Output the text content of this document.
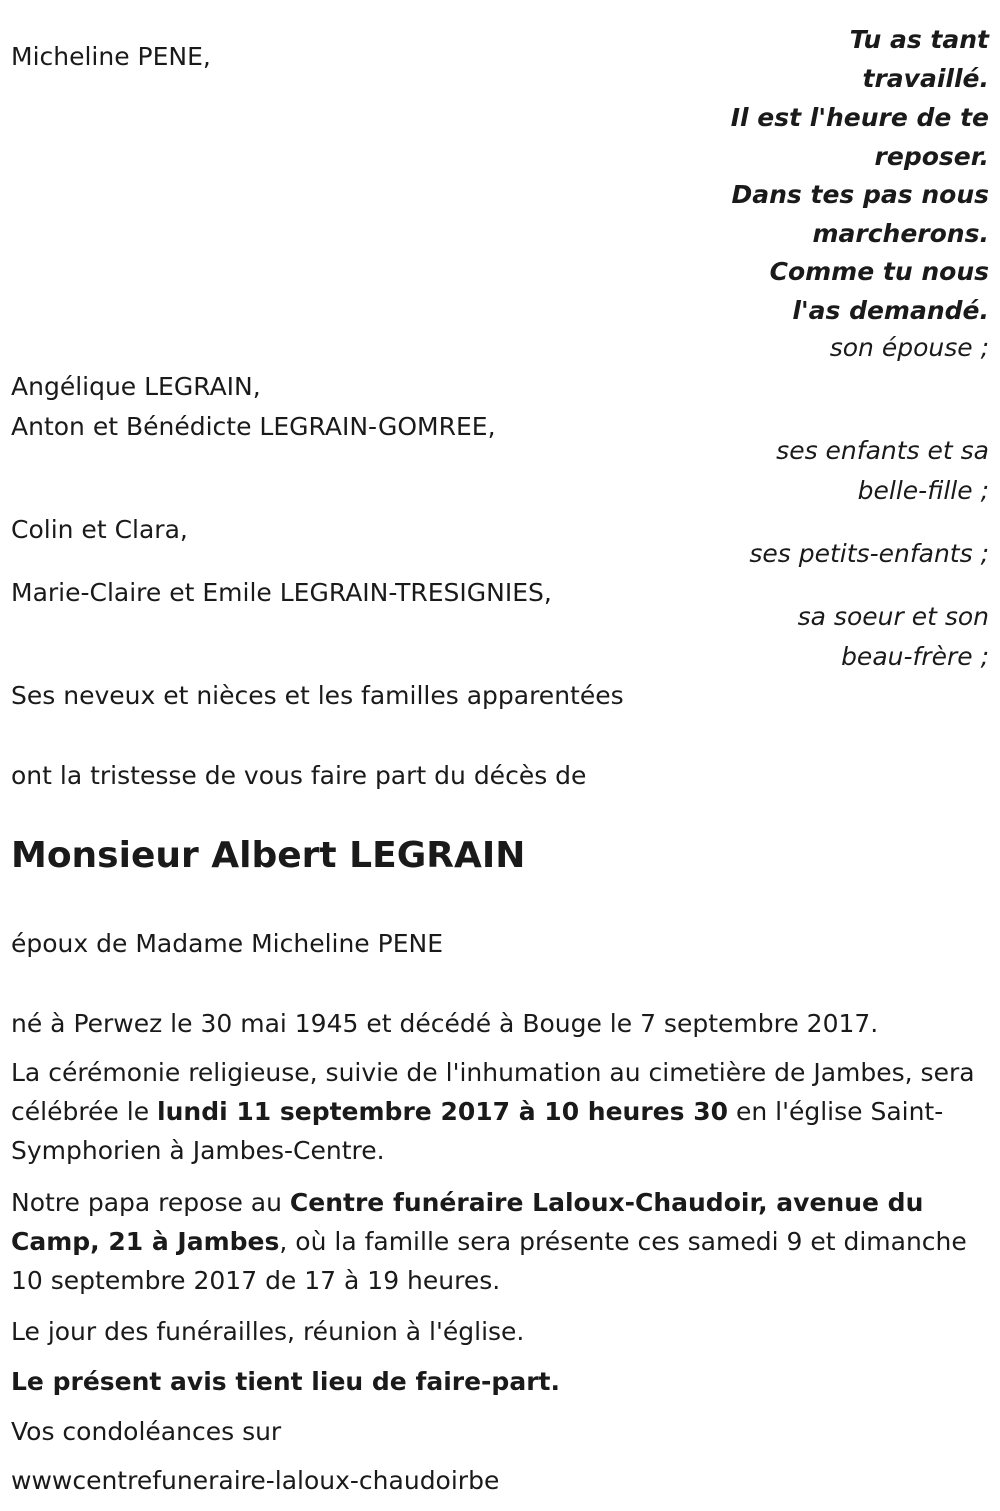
Tu as tant
travaillé.
Il est l'heure de te
reposer.
Dans tes pas nous
marcherons.
Comme tu nous
l'as demandé.
Micheline PENE,
son épouse ;
Angélique LEGRAIN,
Anton et Bénédicte LEGRAIN-GOMREE,
ses enfants et sa
belle-fille ;
Colin et Clara,
ses petits-enfants ;
Marie-Claire et Emile LEGRAIN-TRESIGNIES,
sa soeur et son
beau-frère ;
Ses neveux et nièces et les familles apparentées
ont la tristesse de vous faire part du décès de
Monsieur Albert LEGRAIN
époux de Madame Micheline PENE
né à Perwez le 30 mai 1945 et décédé à Bouge le 7 septembre 2017.
La cérémonie religieuse, suivie de l'inhumation au cimetière de Jambes, sera célébrée le lundi 11 septembre 2017 à 10 heures 30 en l'église Saint-Symphorien à Jambes-Centre.
Notre papa repose au Centre funéraire Laloux-Chaudoir, avenue du Camp, 21 à Jambes, où la famille sera présente ces samedi 9 et dimanche 10 septembre 2017 de 17 à 19 heures.
Le jour des funérailles, réunion à l'église.
Le présent avis tient lieu de faire-part.
Vos condoléances sur
wwwcentrefuneraire-laloux-chaudoirbe
